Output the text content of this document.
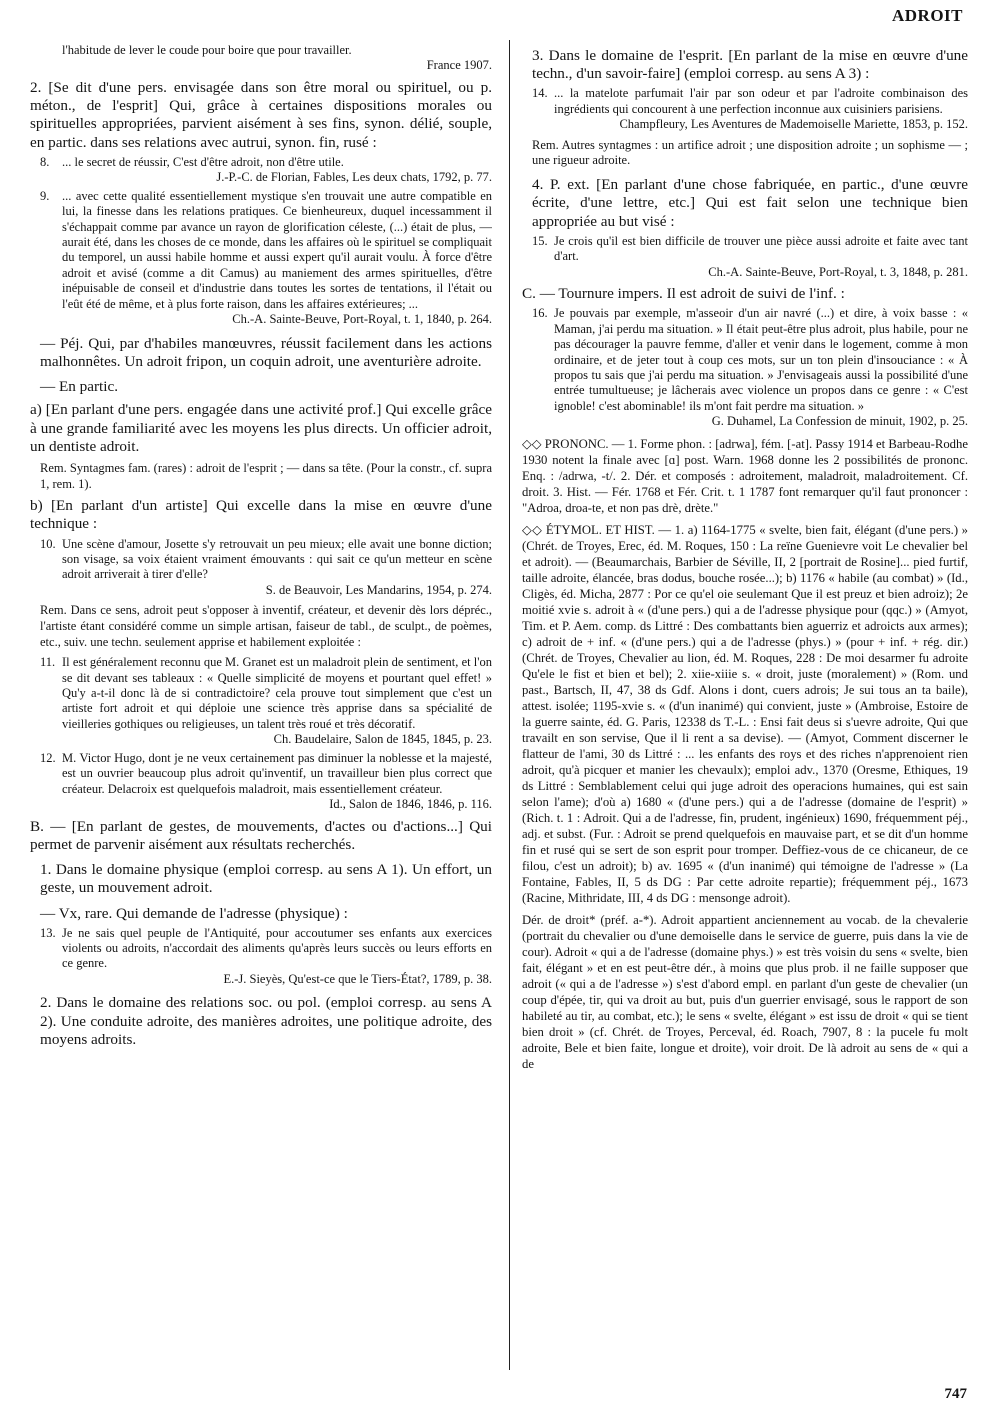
ADROIT
l'habitude de lever le coude pour boire que pour travailler.
France 1907.
2. [Se dit d'une pers. envisagée dans son être moral ou spirituel, ou p. méton., de l'esprit] Qui, grâce à certaines dispositions morales ou spirituelles appropriées, parvient aisément à ses fins, synon. délié, souple, en partic. dans ses relations avec autrui, synon. fin, rusé :
8. ... le secret de réussir, C'est d'être adroit, non d'être utile.
J.-P.-C. de Florian, Fables, Les deux chats, 1792, p. 77.
9. ... avec cette qualité essentiellement mystique s'en trouvait une autre compatible en lui, la finesse dans les relations pratiques. Ce bienheureux, duquel incessamment il s'échappait comme par avance un rayon de glorification céleste, (...) était de plus, — aurait été, dans les choses de ce monde, dans les affaires où le spirituel se compliquait du temporel, un aussi habile homme et aussi expert qu'il aurait voulu. À force d'être adroit et avisé (comme a dit Camus) au maniement des armes spirituelles, d'être inépuisable de conseil et d'industrie dans toutes les sortes de tentations, il l'était ou l'eût été de même, et à plus forte raison, dans les affaires extérieures; ...
Ch.-A. Sainte-Beuve, Port-Royal, t. 1, 1840, p. 264.
— Péj. Qui, par d'habiles manœuvres, réussit facilement dans les actions malhonnêtes. Un adroit fripon, un coquin adroit, une aventurière adroite.
— En partic.
a) [En parlant d'une pers. engagée dans une activité prof.] Qui excelle grâce à une grande familiarité avec les moyens les plus directs. Un officier adroit, un dentiste adroit.
Rem. Syntagmes fam. (rares) : adroit de l'esprit ; — dans sa tête. (Pour la constr., cf. supra 1, rem. 1).
b) [En parlant d'un artiste] Qui excelle dans la mise en œuvre d'une technique :
10. Une scène d'amour, Josette s'y retrouvait un peu mieux; elle avait une bonne diction; son visage, sa voix étaient vraiment émouvants : qui sait ce qu'un metteur en scène adroit arriverait à tirer d'elle?
S. de Beauvoir, Les Mandarins, 1954, p. 274.
Rem. Dans ce sens, adroit peut s'opposer à inventif, créateur, et devenir dès lors dépréc., l'artiste étant considéré comme un simple artisan, faiseur de tabl., de sculpt., de poèmes, etc., suiv. une techn. seulement apprise et habilement exploitée :
11. Il est généralement reconnu que M. Granet est un maladroit plein de sentiment, et l'on se dit devant ses tableaux : « Quelle simplicité de moyens et pourtant quel effet! » Qu'y a-t-il donc là de si contradictoire? cela prouve tout simplement que c'est un artiste fort adroit et qui déploie une science très apprise dans sa spécialité de vieilleries gothiques ou religieuses, un talent très roué et très décoratif.
Ch. Baudelaire, Salon de 1845, 1845, p. 23.
12. M. Victor Hugo, dont je ne veux certainement pas diminuer la noblesse et la majesté, est un ouvrier beaucoup plus adroit qu'inventif, un travailleur bien plus correct que créateur. Delacroix est quelquefois maladroit, mais essentiellement créateur.
Id., Salon de 1846, 1846, p. 116.
B. — [En parlant de gestes, de mouvements, d'actes ou d'actions...] Qui permet de parvenir aisément aux résultats recherchés.
1. Dans le domaine physique (emploi corresp. au sens A 1). Un effort, un geste, un mouvement adroit.
— Vx, rare. Qui demande de l'adresse (physique) :
13. Je ne sais quel peuple de l'Antiquité, pour accoutumer ses enfants aux exercices violents ou adroits, n'accordait des aliments qu'après leurs succès ou leurs efforts en ce genre.
E.-J. Sieyès, Qu'est-ce que le Tiers-État?, 1789, p. 38.
2. Dans le domaine des relations soc. ou pol. (emploi corresp. au sens A 2). Une conduite adroite, des manières adroites, une politique adroite, des moyens adroits.
3. Dans le domaine de l'esprit. [En parlant de la mise en œuvre d'une techn., d'un savoir-faire] (emploi corresp. au sens A 3) :
14. ... la matelote parfumait l'air par son odeur et par l'adroite combinaison des ingrédients qui concourent à une perfection inconnue aux cuisiniers parisiens.
Champfleury, Les Aventures de Mademoiselle Mariette, 1853, p. 152.
Rem. Autres syntagmes : un artifice adroit ; une disposition adroite ; un sophisme — ; une rigueur adroite.
4. P. ext. [En parlant d'une chose fabriquée, en partic., d'une œuvre écrite, d'une lettre, etc.] Qui est fait selon une technique bien appropriée au but visé :
15. Je crois qu'il est bien difficile de trouver une pièce aussi adroite et faite avec tant d'art.
Ch.-A. Sainte-Beuve, Port-Royal, t. 3, 1848, p. 281.
C. — Tournure impers. Il est adroit de suivi de l'inf. :
16. Je pouvais par exemple, m'asseoir d'un air navré (...) et dire, à voix basse : « Maman, j'ai perdu ma situation. » Il était peut-être plus adroit, plus habile, pour ne pas décourager la pauvre femme, d'aller et venir dans le logement, comme à mon ordinaire, et de jeter tout à coup ces mots, sur un ton plein d'insouciance : « À propos tu sais que j'ai perdu ma situation. » J'envisageais aussi la possibilité d'une entrée tumultueuse; je lâcherais avec violence un propos dans ce genre : « C'est ignoble! c'est abominable! ils m'ont fait perdre ma situation. »
G. Duhamel, La Confession de minuit, 1902, p. 25.
◇◇ PRONONC. — 1. Forme phon. : [adrwa], fém. [-at]. Passy 1914 et Barbeau-Rodhe 1930 notent la finale avec [ɑ] post. Warn. 1968 donne les 2 possibilités de prononc. Enq. : /adrwa, -t/. 2. Dér. et composés : adroitement, maladroit, maladroitement. Cf. droit. 3. Hist. — Fér. 1768 et Fér. Crit. t. 1 1787 font remarquer qu'il faut prononcer : "Adroa, droa-te, et non pas drè, drète."
◇◇ ÉTYMOL. ET HIST. — 1. a) 1164-1775 « svelte, bien fait, élégant (d'une pers.) » (Chrét. de Troyes, Erec, éd. M. Roques, 150 : La reïne Guenievre voit Le chevalier bel et adroit). — (Beaumarchais, Barbier de Séville, II, 2 [portrait de Rosine]... pied furtif, taille adroite, élancée, bras dodus, bouche rosée...); b) 1176 « habile (au combat) » (Id., Cligès, éd. Micha, 2877 : Por ce qu'el oie seulemant Que il est preuz et bien adroiz); 2e moitié xvie s. adroit à « (d'une pers.) qui a de l'adresse physique pour (qqc.) » (Amyot, Tim. et P. Aem. comp. ds Littré : Des combattants bien aguerriz et adroicts aux armes); c) adroit de + inf. « (d'une pers.) qui a de l'adresse (phys.) » (pour + inf. + rég. dir.) (Chrét. de Troyes, Chevalier au lion, éd. M. Roques, 228 : De moi desarmer fu adroite Qu'ele le fist et bien et bel); 2. xiie-xiiie s. « droit, juste (moralement) » (Rom. und past., Bartsch, II, 47, 38 ds Gdf. Alons i dont, cuers adrois; Je sui tous an ta baile), attest. isolée; 1195-xvie s. « (d'un inanimé) qui convient, juste » (Ambroise, Estoire de la guerre sainte, éd. G. Paris, 12338 ds T.-L. : Ensi fait deus si s'uevre adroite, Qui que travailt en son servise, Que il li rent a sa devise). — (Amyot, Comment discerner le flatteur de l'ami, 30 ds Littré : ... les enfants des roys et des riches n'apprenoient rien adroit, qu'à picquer et manier les chevaulx); emploi adv., 1370 (Oresme, Ethiques, 19 ds Littré : Semblablement celui qui juge adroit des operacions humaines, qui est sain selon l'ame); d'où a) 1680 « (d'une pers.) qui a de l'adresse (domaine de l'esprit) » (Rich. t. 1 : Adroit. Qui a de l'adresse, fin, prudent, ingénieux) 1690, fréquemment péj., adj. et subst. (Fur. : Adroit se prend quelquefois en mauvaise part, et se dit d'un homme fin et rusé qui se sert de son esprit pour tromper. Deffiez-vous de ce chicaneur, de ce filou, c'est un adroit); b) av. 1695 « (d'un inanimé) qui témoigne de l'adresse » (La Fontaine, Fables, II, 5 ds DG : Par cette adroite repartie); fréquemment péj., 1673 (Racine, Mithridate, III, 4 ds DG : mensonge adroit).
Dér. de droit* (préf. a-*). Adroit appartient anciennement au vocab. de la chevalerie (portrait du chevalier ou d'une demoiselle dans le service de guerre, puis dans la vie de cour). Adroit « qui a de l'adresse (domaine phys.) » est très voisin du sens « svelte, bien fait, élégant » et en est peut-être dér., à moins que plus prob. il ne faille supposer que adroit (« qui a de l'adresse ») s'est d'abord empl. en parlant d'un geste de chevalier (un coup d'épée, tir, qui va droit au but, puis d'un guerrier envisagé, sous le rapport de son habileté au tir, au combat, etc.); le sens « svelte, élégant » est issu de droit « qui se tient bien droit » (cf. Chrét. de Troyes, Perceval, éd. Roach, 7907, 8 : la pucele fu molt adroite, Bele et bien faite, longue et droite), voir droit. De là adroit au sens de « qui a de
747
